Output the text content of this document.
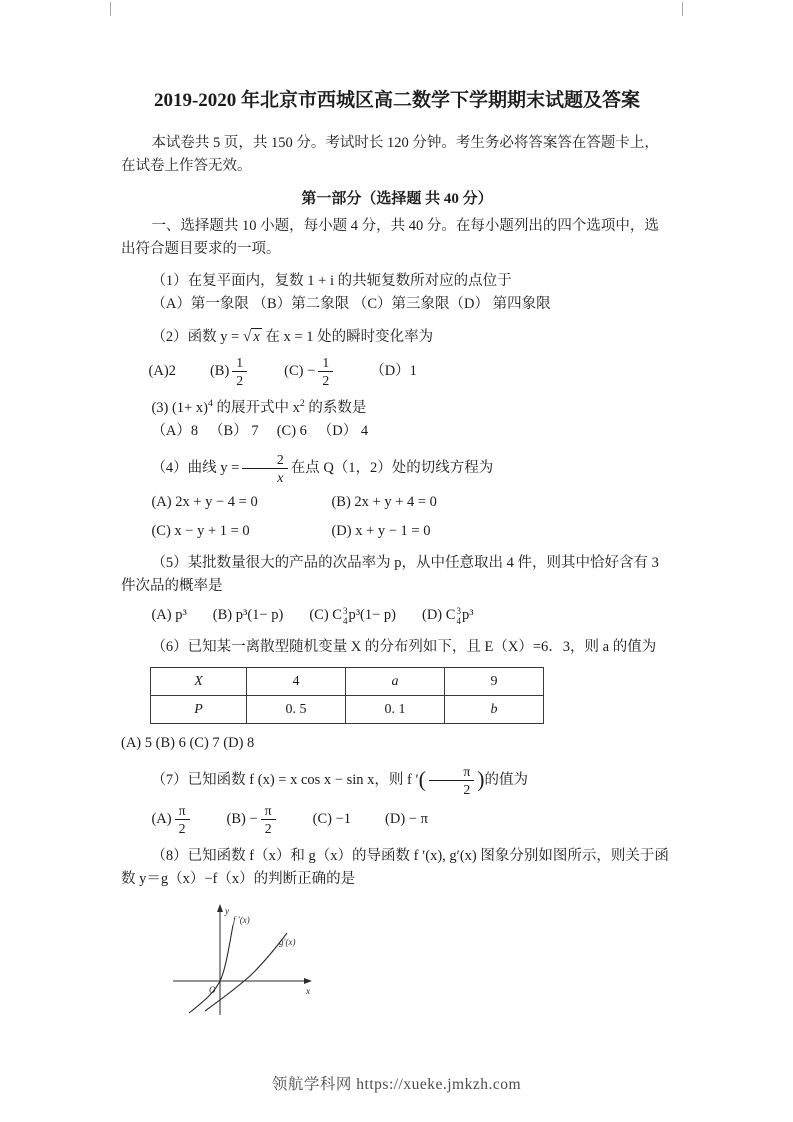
2019-2020 年北京市西城区高二数学下学期期末试题及答案

本试卷共 5 页，共 150 分。考试时长 120 分钟。考生务必将答案答在答题卡上，在试卷上作答无效。

第一部分（选择题 共 40 分）

一、选择题共 10 小题，每小题 4 分，共 40 分。在每小题列出的四个选项中，选出符合题目要求的一项。

（1）在复平面内，复数 1 + i 的共轭复数所对应的点位于

（A）第一象限 （B）第二象限 （C）第三象限（D） 第四象限

（2）函数 y = √ x 在 x = 1 处的瞬时变化率为

(A)2 $(B) \frac{1}{2}$	$(C) - \frac{1}{2}$	（D）1

(3) $(1+ x)^4$ 的展开式中 $x^2$ 的系数是

（A）8 　（B） 7 　(C) 6 　（D） 4

（4）曲线 $y = \frac{2}{x}$ 在点 Q（1，2）处的切线方程为

(A) 2x + y − 4 = 0	(B) 2x + y + 4 = 0
(C) x − y + 1 = 0	(D) x + y − 1 = 0

（5）某批数量很大的产品的次品率为 p，从中任意取出 4 件，则其中恰好含有 3 件次品的概率是

(A) p³ (B) p³(1− p) (C) C 3
4 p³(1− p) (D) C 3
4 p³

（6）已知某一离散型随机变量 X 的分布列如下，且 E（X）=6．3，则 a 的值为

X	4	a	9
P	0. 5	0. 1	b

(A) 5 (B) 6 (C) 7 (D) 8

（7）已知函数 f (x) = x cos x − sin x，则 f ′( $\frac{\pi}{2}$ )的值为

$(A) \frac{\pi}{2}$	$(B) - \frac{\pi}{2}$	(C) −1 (D) − π

（8）已知函数 f（x）和 g（x）的导函数 f ′(x), g′(x) 图象分别如图所示，则关于函数 y＝g（x）−f（x）的判断正确的是

y
x
O
f ′(x)
g′(x)
领航学科网 https://xueke.jmkzh.com
